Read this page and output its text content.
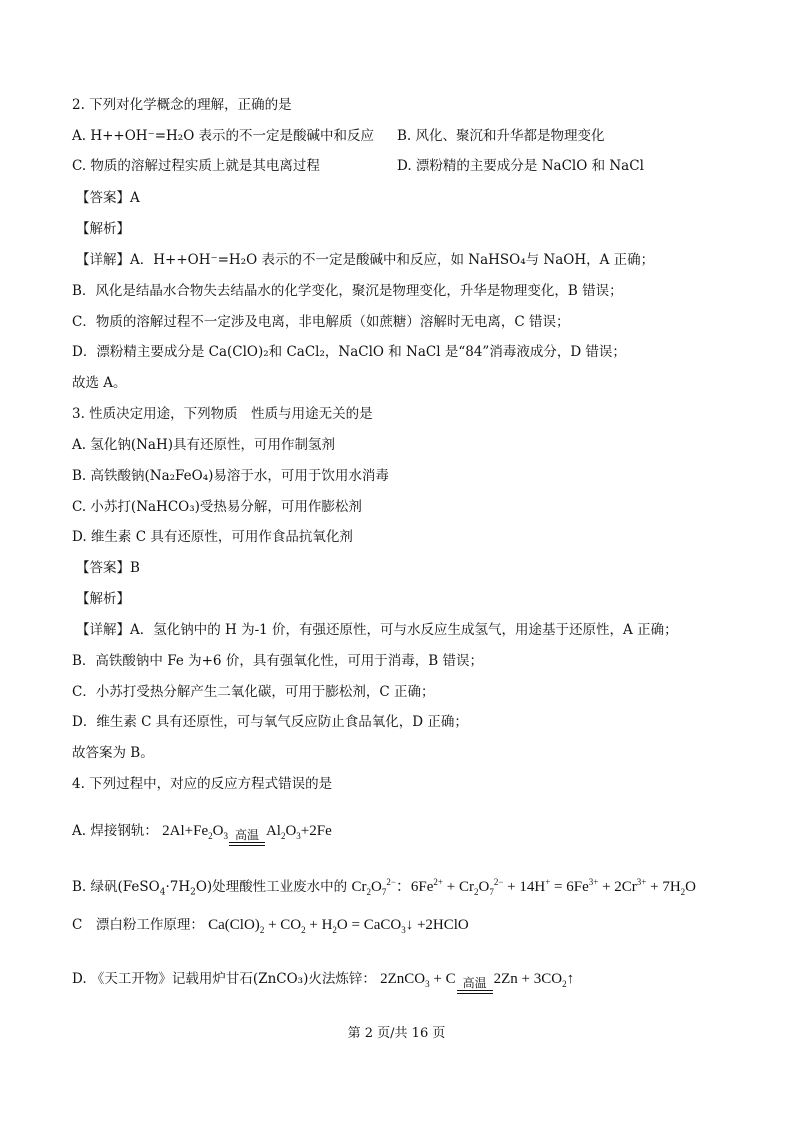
2. 下列对化学概念的理解，正确的是
A. H++OH⁻=H₂O 表示的不一定是酸碱中和反应 B. 风化、聚沉和升华都是物理变化
C. 物质的溶解过程实质上就是其电离过程	D. 漂粉精的主要成分是 NaClO 和 NaCl
【答案】A
【解析】
【详解】A．H++OH⁻=H₂O 表示的不一定是酸碱中和反应，如 NaHSO₄与 NaOH，A 正确；
B．风化是结晶水合物失去结晶水的化学变化，聚沉是物理变化，升华是物理变化，B 错误；
C．物质的溶解过程不一定涉及电离，非电解质（如蔗糖）溶解时无电离，C 错误；
D．漂粉精主要成分是 Ca(ClO)₂和 CaCl₂，NaClO 和 NaCl 是“84”消毒液成分，D 错误；
故选 A。
3. 性质决定用途，下列物质　性质与用途无关的是
A. 氢化钠(NaH)具有还原性，可用作制氢剂
B. 高铁酸钠(Na₂FeO₄)易溶于水，可用于饮用水消毒
C. 小苏打(NaHCO₃)受热易分解，可用作膨松剂
D. 维生素 C 具有还原性，可用作食品抗氧化剂
【答案】B
【解析】
【详解】A．氢化钠中的 H 为-1 价，有强还原性，可与水反应生成氢气，用途基于还原性，A 正确；
B．高铁酸钠中 Fe 为+6 价，具有强氧化性，可用于消毒，B 错误；
C．小苏打受热分解产生二氧化碳，可用于膨松剂，C 正确；
D．维生素 C 具有还原性，可与氧气反应防止食品氧化，D 正确；
故答案为 B。
4. 下列过程中，对应的反应方程式错误的是
A. 焊接钢轨： $2Al+Fe_2O_3$ 高温 $Al_2O_3+2Fe$
B. 绿矾$(FeSO_4\cdot 7H_2O)$处理酸性工业废水中的 $Cr_2O_7^{2-}$：$6Fe^{2+} + Cr_2O_7^{2-} + 14H^+ = 6Fe^{3+} + 2Cr^{3+} + 7H_2O$
C　漂白粉工作原理： $Ca(ClO)_2 + CO_2 + H_2O$ = CaCO$_3$↓ +2HClO
D. 《天工开物》记载用炉甘石(ZnCO₃)火法炼锌： 2ZnCO$_3$ + C 高温 $2Zn + 3CO_2↑$
第 2 页/共 16 页
